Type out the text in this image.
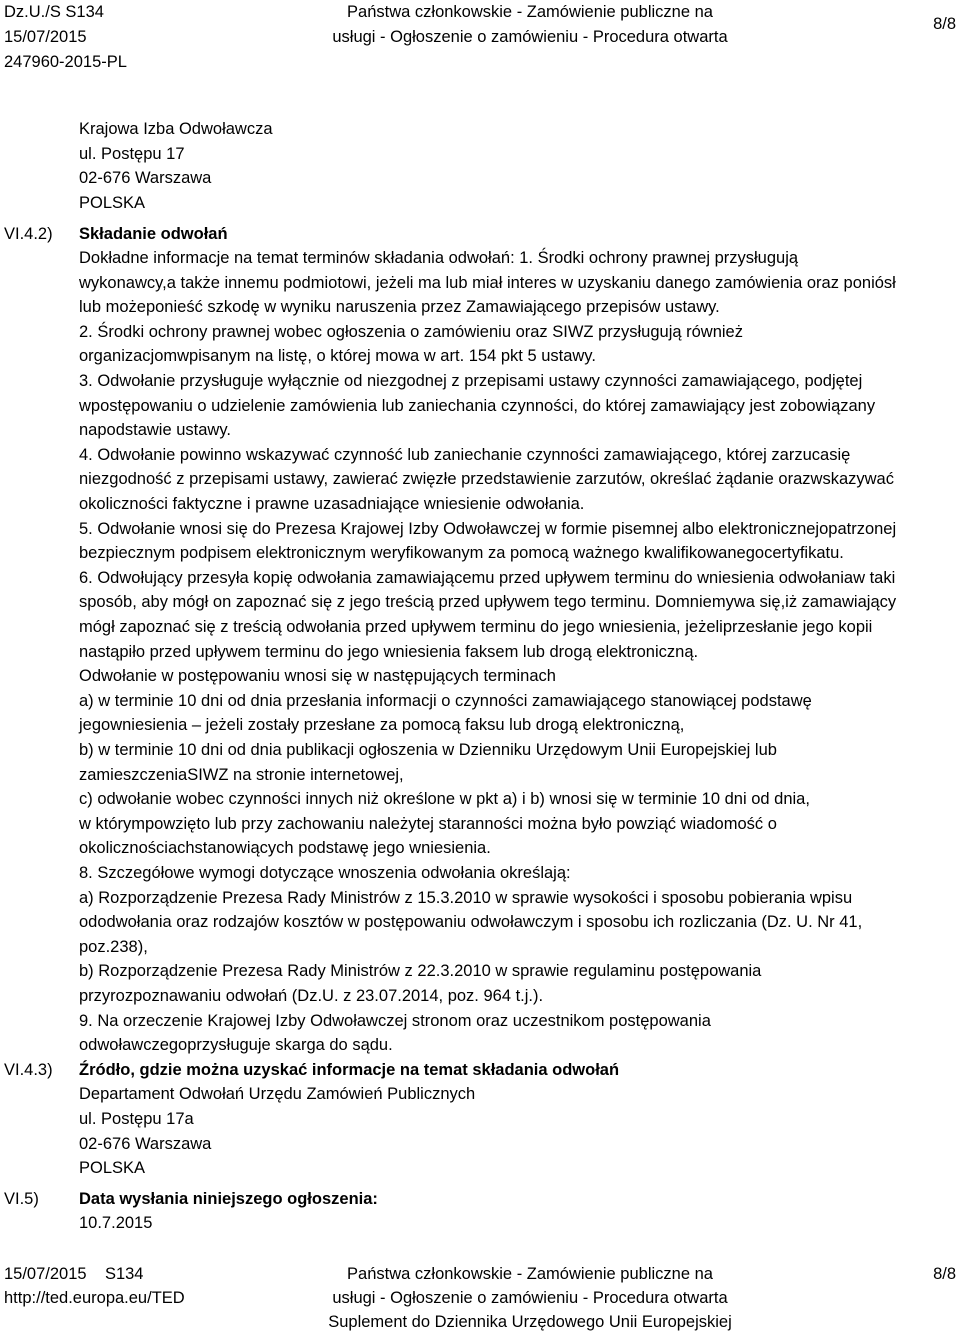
Dz.U./S S134
15/07/2015
247960-2015-PL
Państwa członkowskie - Zamówienie publiczne na
usługi - Ogłoszenie o zamówieniu - Procedura otwarta
8/8
Krajowa Izba Odwoławcza
ul. Postępu 17
02-676 Warszawa
POLSKA
VI.4.2) Składanie odwołań
Dokładne informacje na temat terminów składania odwołań: 1. Środki ochrony prawnej przysługują
wykonawcy,a także innemu podmiotowi, jeżeli ma lub miał interes w uzyskaniu danego zamówienia oraz poniósł
lub możeponieść szkodę w wyniku naruszenia przez Zamawiającego przepisów ustawy.
2. Środki ochrony prawnej wobec ogłoszenia o zamówieniu oraz SIWZ przysługują również
organizacjomwpisanym na listę, o której mowa w art. 154 pkt 5 ustawy.
3. Odwołanie przysługuje wyłącznie od niezgodnej z przepisami ustawy czynności zamawiającego, podjętej
wpostępowaniu o udzielenie zamówienia lub zaniechania czynności, do której zamawiający jest zobowiązany
napodstawie ustawy.
4. Odwołanie powinno wskazywać czynność lub zaniechanie czynności zamawiającego, której zarzucasię
niezgodność z przepisami ustawy, zawierać zwięzłe przedstawienie zarzutów, określać żądanie orazwskazywać
okoliczności faktyczne i prawne uzasadniające wniesienie odwołania.
5. Odwołanie wnosi się do Prezesa Krajowej Izby Odwoławczej w formie pisemnej albo elektronicznejopatrzonej
bezpiecznym podpisem elektronicznym weryfikowanym za pomocą ważnego kwalifikowanegocertyfikatu.
6. Odwołujący przesyła kopię odwołania zamawiającemu przed upływem terminu do wniesienia odwołaniaw taki
sposób, aby mógł on zapoznać się z jego treścią przed upływem tego terminu. Domniemywa się,iż zamawiający
mógł zapoznać się z treścią odwołania przed upływem terminu do jego wniesienia, jeżeliprzesłanie jego kopii
nastąpiło przed upływem terminu do jego wniesienia faksem lub drogą elektroniczną.
Odwołanie w postępowaniu wnosi się w następujących terminach
a) w terminie 10 dni od dnia przesłania informacji o czynności zamawiającego stanowiącej podstawę
jegowniesienia – jeżeli zostały przesłane za pomocą faksu lub drogą elektroniczną,
b) w terminie 10 dni od dnia publikacji ogłoszenia w Dzienniku Urzędowym Unii Europejskiej lub
zamieszczeniaSIWZ na stronie internetowej,
c) odwołanie wobec czynności innych niż określone w pkt a) i b) wnosi się w terminie 10 dni od dnia,
w którympowzięto lub przy zachowaniu należytej staranności można było powziąć wiadomość o
okolicznościachstanowiących podstawę jego wniesienia.
8. Szczegółowe wymogi dotyczące wnoszenia odwołania określają:
a) Rozporządzenie Prezesa Rady Ministrów z 15.3.2010 w sprawie wysokości i sposobu pobierania wpisu
ododwołania oraz rodzajów kosztów w postępowaniu odwoławczym i sposobu ich rozliczania (Dz. U. Nr 41,
poz.238),
b) Rozporządzenie Prezesa Rady Ministrów z 22.3.2010 w sprawie regulaminu postępowania
przyrozpoznawaniu odwołań (Dz.U. z 23.07.2014, poz. 964 t.j.).
9. Na orzeczenie Krajowej Izby Odwoławczej stronom oraz uczestnikom postępowania
odwoławczegoprzysługuje skarga do sądu.
VI.4.3) Źródło, gdzie można uzyskać informacje na temat składania odwołań
Departament Odwołań Urzędu Zamówień Publicznych
ul. Postępu 17a
02-676 Warszawa
POLSKA
VI.5) Data wysłania niniejszego ogłoszenia:
10.7.2015
15/07/2015 S134
http://ted.europa.eu/TED
Państwa członkowskie - Zamówienie publiczne na
usługi - Ogłoszenie o zamówieniu - Procedura otwarta
Suplement do Dziennika Urzędowego Unii Europejskiej
8/8
